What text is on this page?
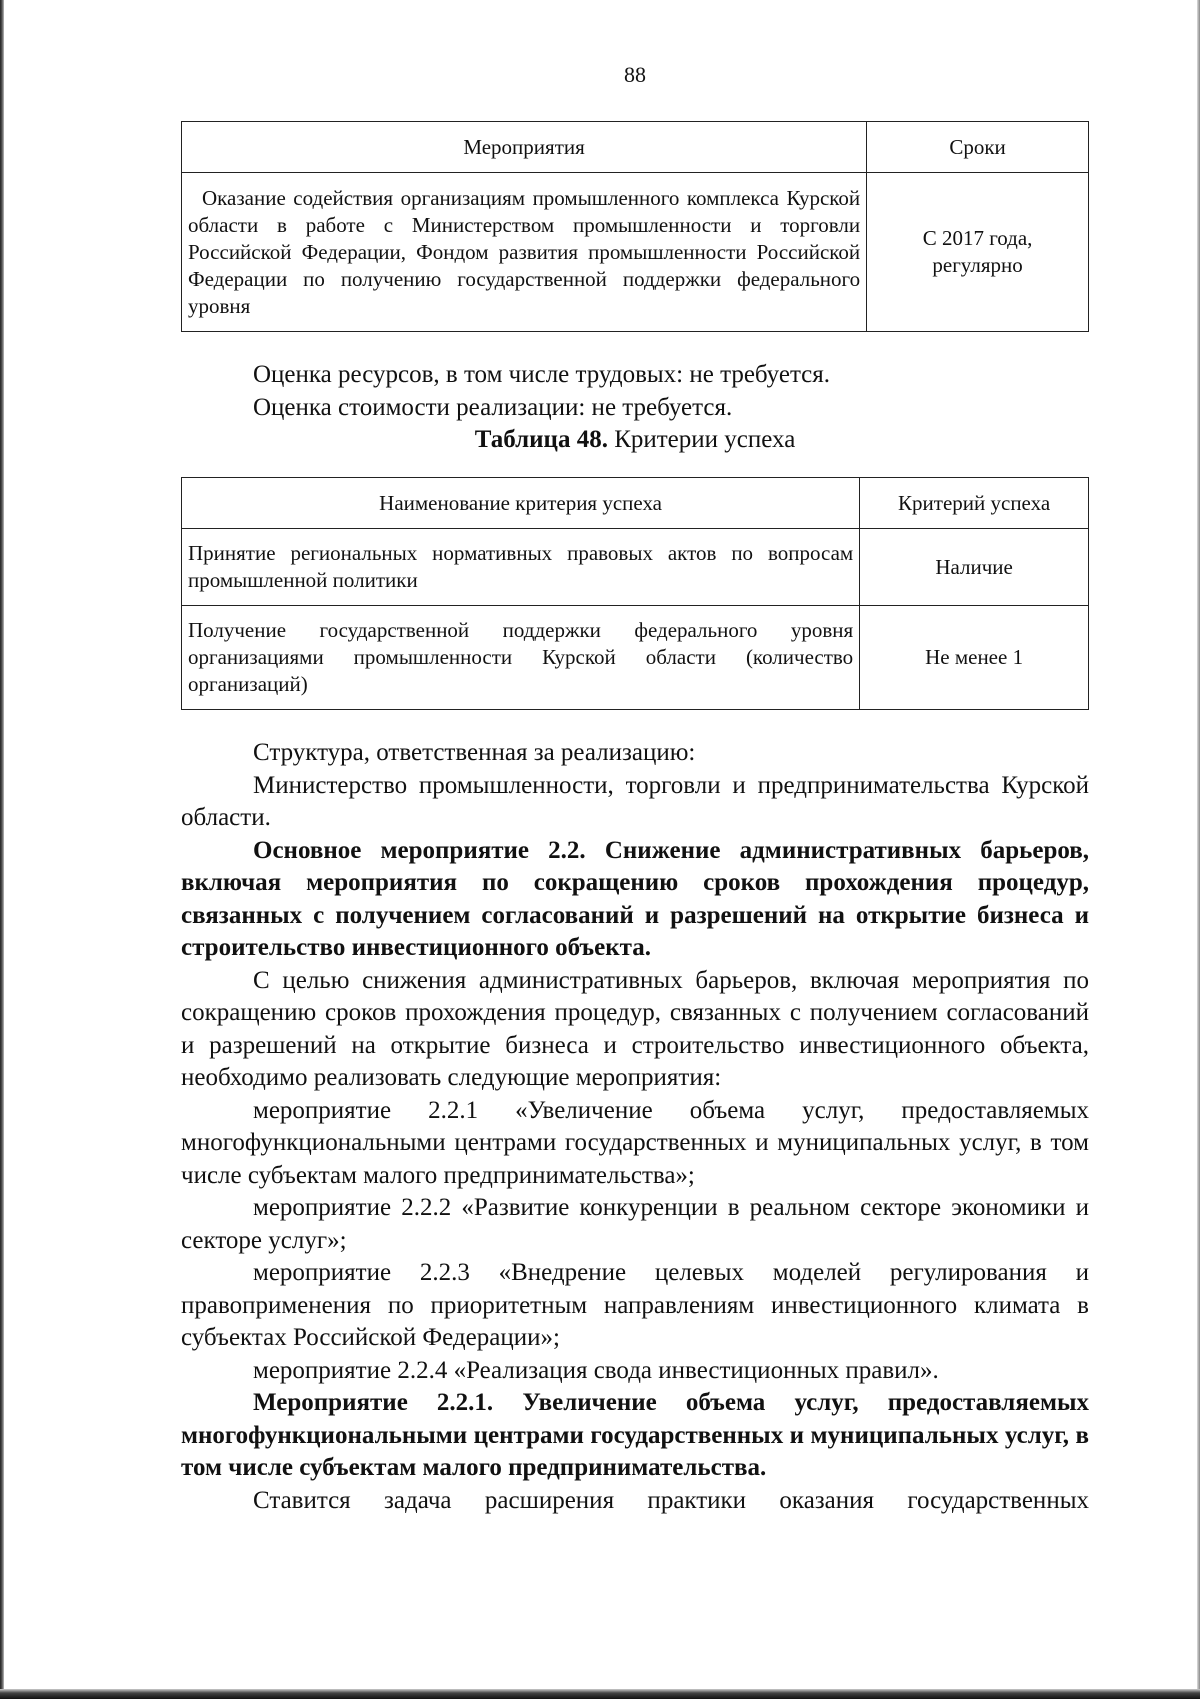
88
Мероприятия	Сроки
Оказание содействия организациям промышленного комплекса Курской области в работе с Министерством промышленности и торговли Российской Федерации, Фондом развития промышленности Российской Федерации по получению государственной поддержки федерального уровня	С 2017 года, регулярно

Оценка ресурсов, в том числе трудовых: не требуется.

Оценка стоимости реализации: не требуется.

Таблица 48. Критерии успеха

Наименование критерия успеха	Критерий успеха
Принятие региональных нормативных правовых актов по вопросам промышленной политики	Наличие
Получение государственной поддержки федерального уровня организациями промышленности Курской области (количество организаций)	Не менее 1

Структура, ответственная за реализацию:

Министерство промышленности, торговли и предпринимательства Курской области.

Основное мероприятие 2.2. Снижение административных барьеров, включая мероприятия по сокращению сроков прохождения процедур, связанных с получением согласований и разрешений на открытие бизнеса и строительство инвестиционного объекта.

С целью снижения административных барьеров, включая мероприятия по сокращению сроков прохождения процедур, связанных с получением согласований и разрешений на открытие бизнеса и строительство инвестиционного объекта, необходимо реализовать следующие мероприятия:

мероприятие 2.2.1 «Увеличение объема услуг, предоставляемых многофункциональными центрами государственных и муниципальных услуг, в том числе субъектам малого предпринимательства»;

мероприятие 2.2.2 «Развитие конкуренции в реальном секторе экономики и секторе услуг»;

мероприятие 2.2.3 «Внедрение целевых моделей регулирования и правоприменения по приоритетным направлениям инвестиционного климата в субъектах Российской Федерации»;

мероприятие 2.2.4 «Реализация свода инвестиционных правил».

Мероприятие 2.2.1. Увеличение объема услуг, предоставляемых многофункциональными центрами государственных и муниципальных услуг, в том числе субъектам малого предпринимательства.

Ставится задача расширения практики оказания государственных
